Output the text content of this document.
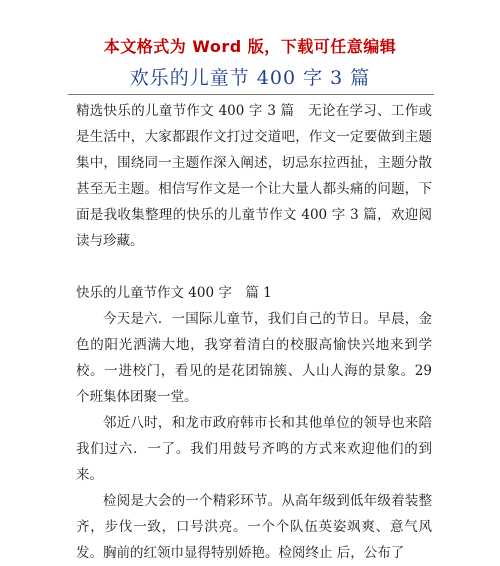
本文格式为 Word 版，下载可任意编辑
欢乐的儿童节 400 字 3 篇

精选快乐的儿童节作文 400 字 3 篇　无论在学习、工作或是生活中，大家都跟作文打过交道吧，作文一定要做到主题集中，围绕同一主题作深入阐述，切忌东拉西扯，主题分散甚至无主题。相信写作文是一个让大量人都头痛的问题，下面是我收集整理的快乐的儿童节作文 400 字 3 篇，欢迎阅读与珍藏。

快乐的儿童节作文 400 字　篇 1

今天是六．一国际儿童节，我们自己的节日。早晨，金色的阳光洒满大地，我穿着清白的校服高愉快兴地来到学校。一进校门，看见的是花团锦簇、人山人海的景象。29 个班集体团聚一堂。

邻近八时，和龙市政府韩市长和其他单位的领导也来陪我们过六．一了。我们用鼓号齐鸣的方式来欢迎他们的到来。

检阅是大会的一个精彩环节。从高年级到低年级着装整齐，步伐一致，口号洪亮。一个个队伍英姿飒爽、意气风发。胸前的红领巾显得特别娇艳。检阅终止 后，公布了
